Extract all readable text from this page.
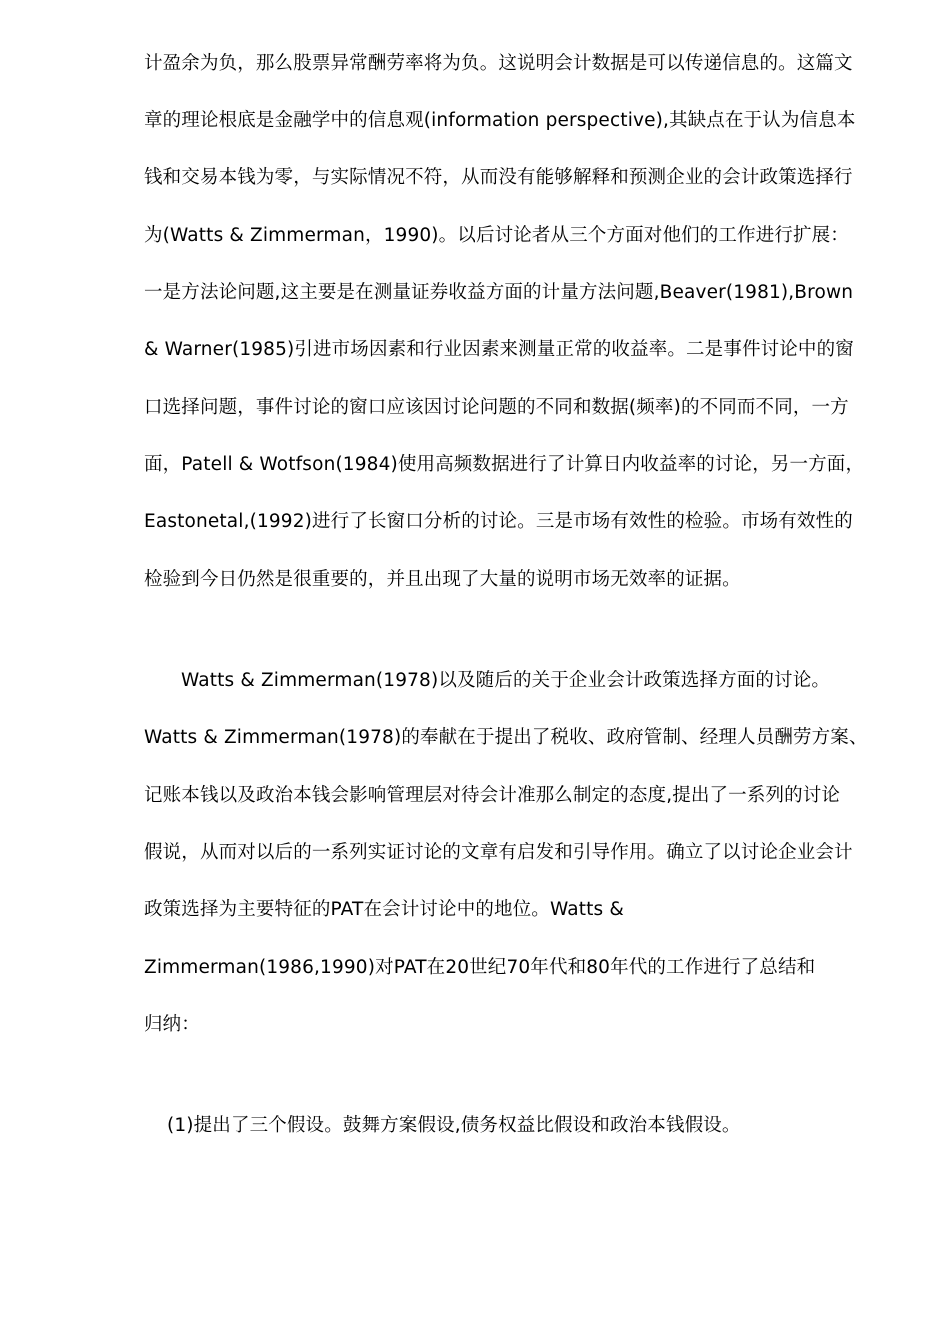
计盈余为负，那么股票异常酬劳率将为负。这说明会计数据是可以传递信息的。这篇文
章的理论根底是金融学中的信息观(information perspective),其缺点在于认为信息本
钱和交易本钱为零，与实际情况不符，从而没有能够解释和预测企业的会计政策选择行
为(Watts & Zimmerman，1990)。以后讨论者从三个方面对他们的工作进行扩展：
一是方法论问题,这主要是在测量证券收益方面的计量方法问题,Beaver(1981),Brown
& Warner(1985)引进市场因素和行业因素来测量正常的收益率。二是事件讨论中的窗
口选择问题，事件讨论的窗口应该因讨论问题的不同和数据(频率)的不同而不同，一方
面，Patell & Wotfson(1984)使用高频数据进行了计算日内收益率的讨论，另一方面，
Eastonetal,(1992)进行了长窗口分析的讨论。三是市场有效性的检验。市场有效性的
检验到今日仍然是很重要的，并且出现了大量的说明市场无效率的证据。
Watts & Zimmerman(1978)以及随后的关于企业会计政策选择方面的讨论。
Watts & Zimmerman(1978)的奉献在于提出了税收、政府管制、经理人员酬劳方案、
记账本钱以及政治本钱会影响管理层对待会计准那么制定的态度,提出了一系列的讨论
假说，从而对以后的一系列实证讨论的文章有启发和引导作用。确立了以讨论企业会计
政策选择为主要特征的PAT在会计讨论中的地位。Watts &
Zimmerman(1986,1990)对PAT在20世纪70年代和80年代的工作进行了总结和
归纳：
(1)提出了三个假设。鼓舞方案假设,债务权益比假设和政治本钱假设。
